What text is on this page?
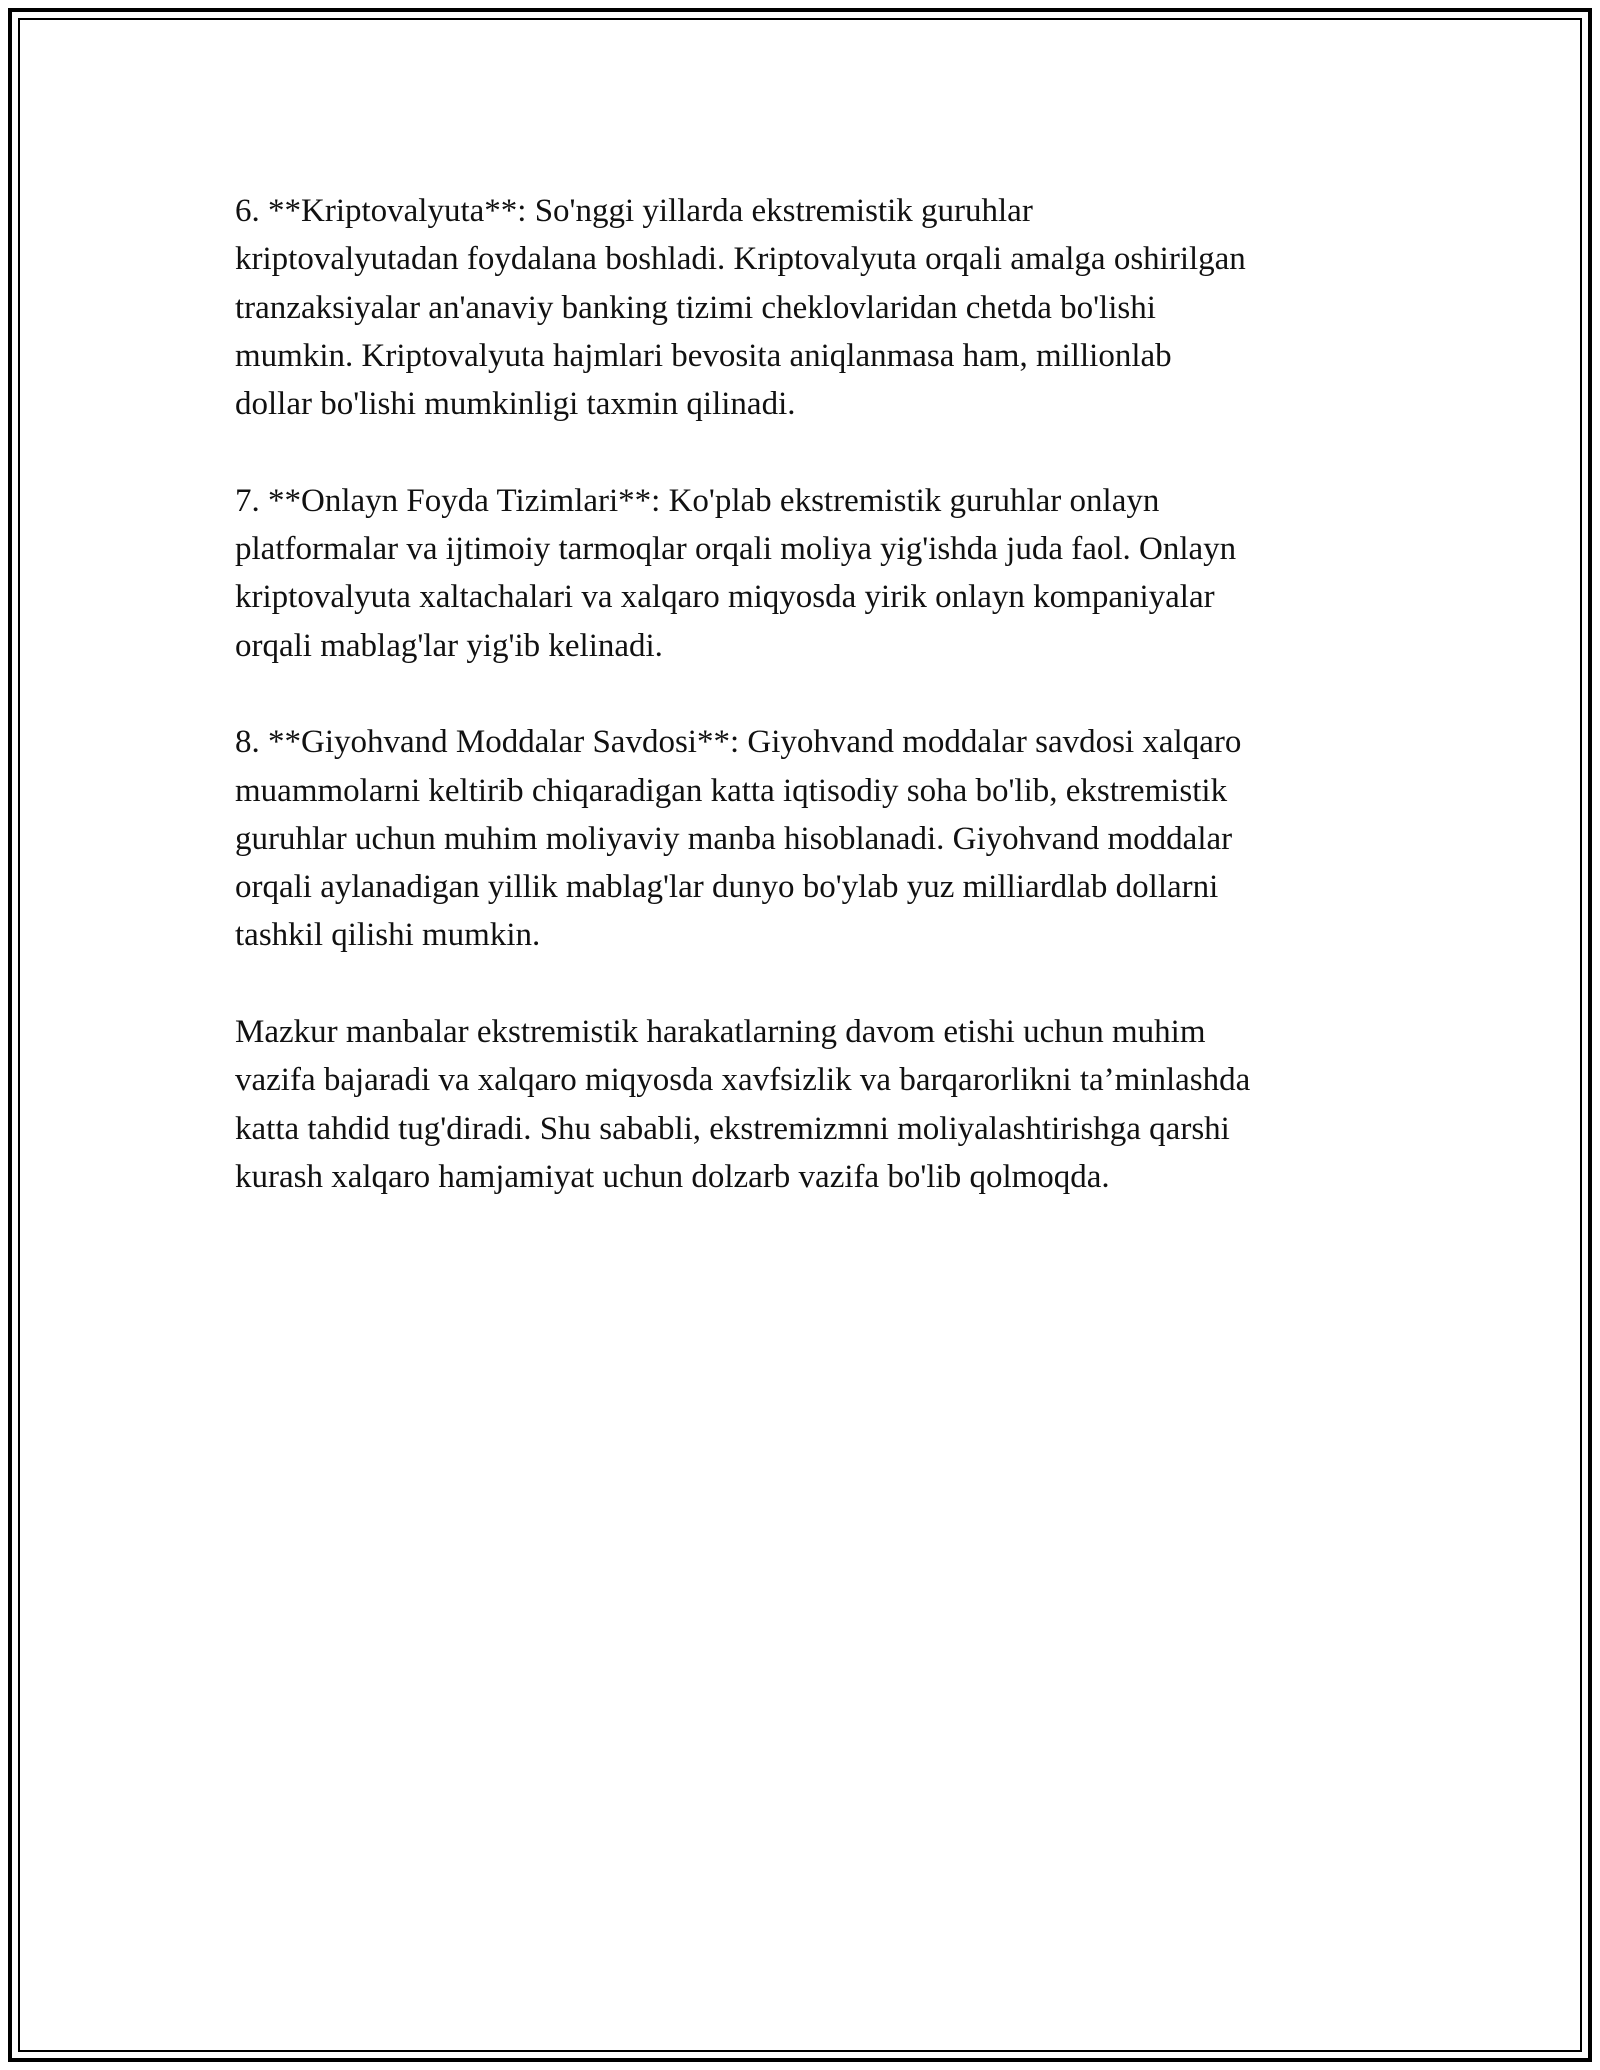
6. **Kriptovalyuta**: So'nggi yillarda ekstremistik guruhlar
kriptovalyutadan foydalana boshladi. Kriptovalyuta orqali amalga oshirilgan
tranzaksiyalar an'anaviy banking tizimi cheklovlaridan chetda bo'lishi
mumkin. Kriptovalyuta hajmlari bevosita aniqlanmasa ham, millionlab
dollar bo'lishi mumkinligi taxmin qilinadi.

7. **Onlayn Foyda Tizimlari**: Ko'plab ekstremistik guruhlar onlayn
platformalar va ijtimoiy tarmoqlar orqali moliya yig'ishda juda faol. Onlayn
kriptovalyuta xaltachalari va xalqaro miqyosda yirik onlayn kompaniyalar
orqali mablag'lar yig'ib kelinadi.

8. **Giyohvand Moddalar Savdosi**: Giyohvand moddalar savdosi xalqaro
muammolarni keltirib chiqaradigan katta iqtisodiy soha bo'lib, ekstremistik
guruhlar uchun muhim moliyaviy manba hisoblanadi. Giyohvand moddalar
orqali aylanadigan yillik mablag'lar dunyo bo'ylab yuz milliardlab dollarni
tashkil qilishi mumkin.

Mazkur manbalar ekstremistik harakatlarning davom etishi uchun muhim
vazifa bajaradi va xalqaro miqyosda xavfsizlik va barqarorlikni ta’minlashda
katta tahdid tug'diradi. Shu sababli, ekstremizmni moliyalashtirishga qarshi
kurash xalqaro hamjamiyat uchun dolzarb vazifa bo'lib qolmoqda.
